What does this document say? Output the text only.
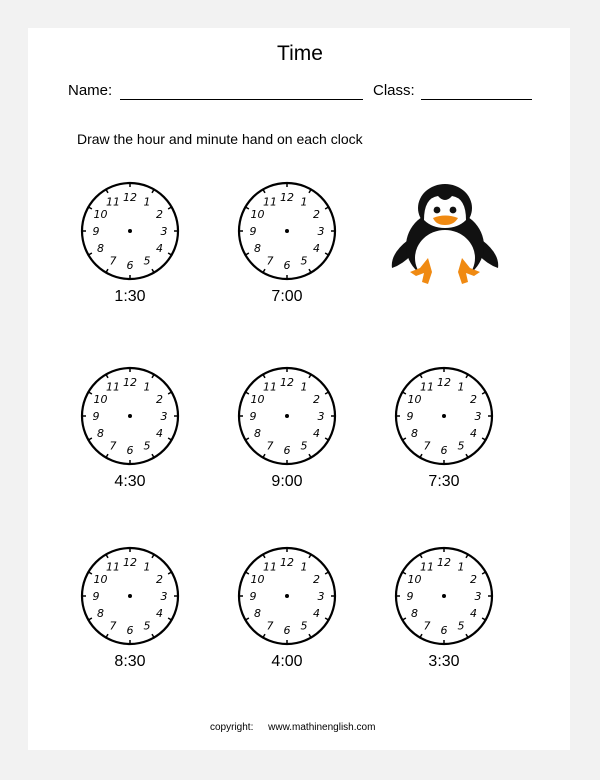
Time
Name:	Class:
Draw the hour and minute hand on each clock
12 1
2
3
4
5
6
7
8
9
10
11
1:30
12 1
2
3
4
5
6
7
8
9
10
11
7:00
12 1
2
3
4
5
6
7
8
9
10
11
4:30
12 1
2
3
4
5
6
7
8
9
10
11
9:00
12 1
2
3
4
5
6
7
8
9
10
11
7:30
12 1
2
3
4
5
6
7
8
9
10
11
8:30
12 1
2
3
4
5
6
7
8
9
10
11
4:00
12 1
2
3
4
5
6
7
8
9
10
11
3:30
copyright: www.mathinenglish.com
